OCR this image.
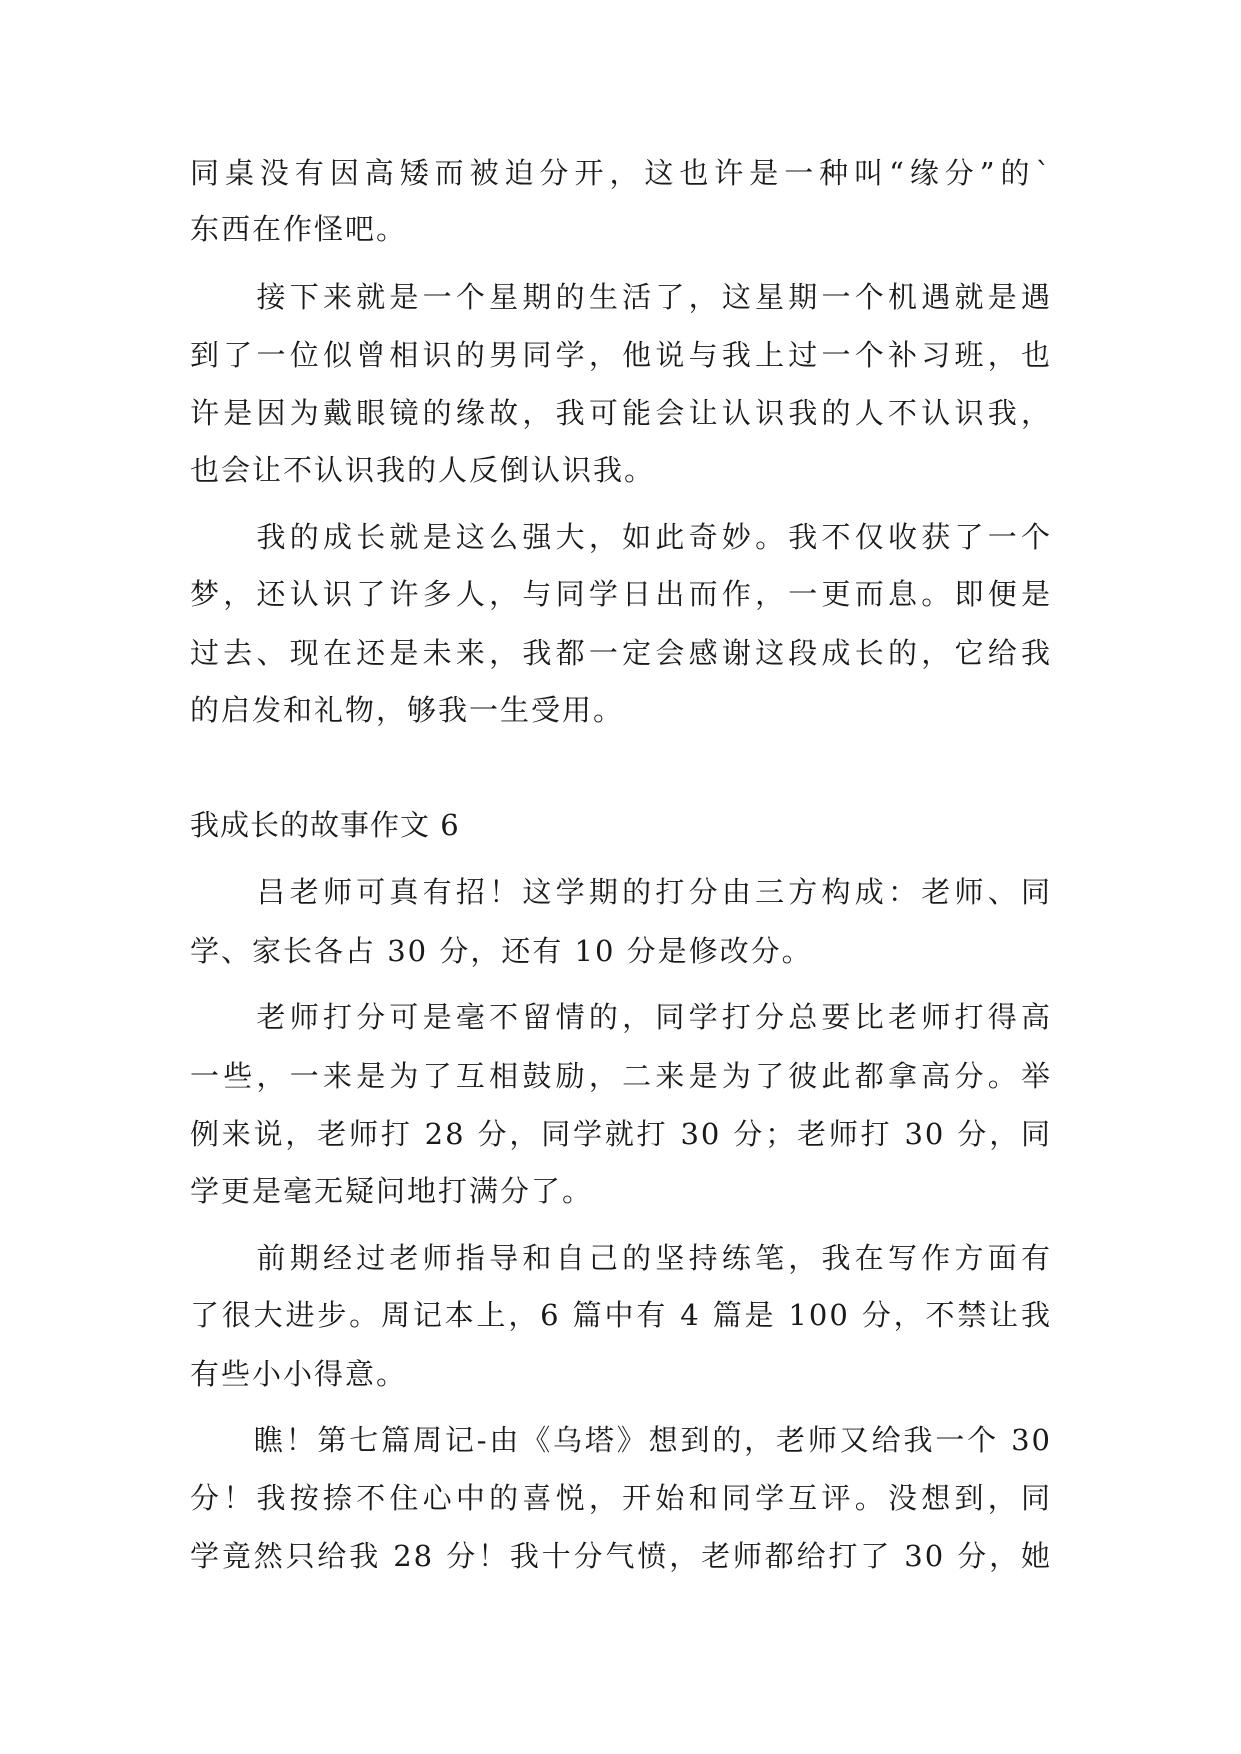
同桌没有因高矮而被迫分开，这也许是一种叫“缘分”的`
东西在作怪吧。
　　接下来就是一个星期的生活了，这星期一个机遇就是遇
到了一位似曾相识的男同学，他说与我上过一个补习班，也
许是因为戴眼镜的缘故，我可能会让认识我的人不认识我，
也会让不认识我的人反倒认识我。
　　我的成长就是这么强大，如此奇妙。我不仅收获了一个
梦，还认识了许多人，与同学日出而作，一更而息。即便是
过去、现在还是未来，我都一定会感谢这段成长的，它给我
的启发和礼物，够我一生受用。
我成长的故事作文 6
　　吕老师可真有招！这学期的打分由三方构成：老师、同
学、家长各占 30 分，还有 10 分是修改分。
　　老师打分可是毫不留情的，同学打分总要比老师打得高
一些，一来是为了互相鼓励，二来是为了彼此都拿高分。举
例来说，老师打 28 分，同学就打 30 分；老师打 30 分，同
学更是毫无疑问地打满分了。
　　前期经过老师指导和自己的坚持练笔，我在写作方面有
了很大进步。周记本上，6 篇中有 4 篇是 100 分，不禁让我
有些小小得意。
　　瞧！第七篇周记-由《乌塔》想到的，老师又给我一个 30
分！我按捺不住心中的喜悦，开始和同学互评。没想到，同
学竟然只给我 28 分！我十分气愤，老师都给打了 30 分，她
